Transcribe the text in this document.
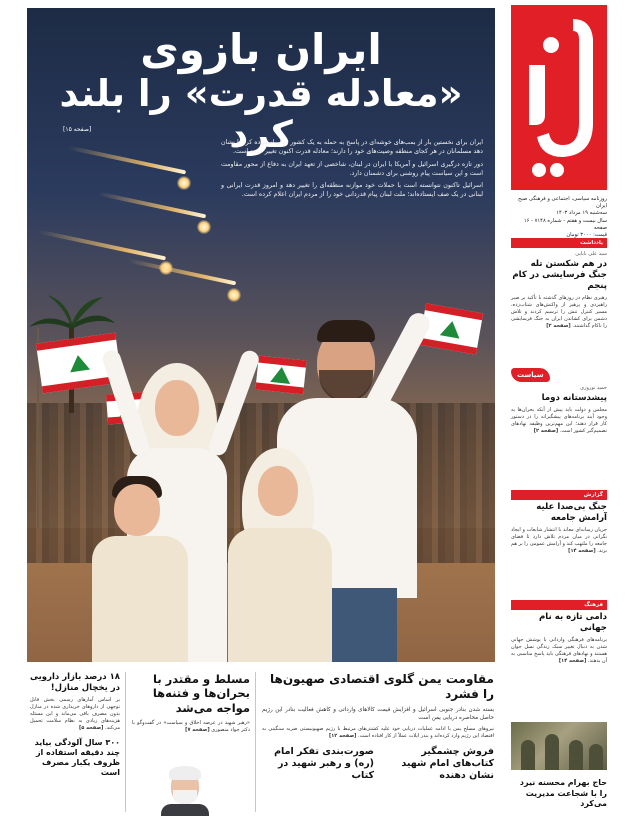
ایران بازوی
«معادله قدرت» را بلند کرد

ایران برای نخستین بار از بمب‌های خوشه‌ای در پاسخ به حمله به یک کشور دیگر استفاده کرد تا نشان دهد مسلمانان در هر کجای منطقه وصیت‌های خود را دارند؛ معادله قدرت اکنون تغییر کرده است.

دور تازه درگیری اسرائیل و آمریکا با ایران در لبنان، شاخصی از تعهد ایران به دفاع از محور مقاومت است و این سیاست پیام روشنی برای دشمنان دارد.

اسرائیل تاکنون نتوانسته است با حملات خود موازنه منطقه‌ای را تغییر دهد و امروز قدرت ایرانی و لبنانی در یک صف ایستاده‌اند؛ ملت لبنان پیام قدردانی خود را از مردم ایران اعلام کرده است.

[صفحه ۱۵]
روزنامه سیاسی، اجتماعی و فرهنگی صبح ایران
سه‌شنبه ۱۹ مرداد ۱۴۰۳
سال بیست و هفتم - شماره ۷۱۴۸ - ۱۶ صفحه
قیمت: ۳۰۰۰ تومان
یادداشت
سید علی بابایی
در هم شکستن تله جنگ فرسایشی در کام پنجم
رهبری نظام در روزهای گذشته با تأکید بر صبر راهبردی و پرهیز از واکنش‌های شتاب‌زده، مسیر کنترل تنش را ترسیم کردند و تلاش دشمن برای کشاندن ایران به جنگ فرسایشی را ناکام گذاشتند. [صفحه ۲]
سیاست
حمید نوروزی
پیشدستانه دوما
مجلس و دولت باید پیش از آنکه بحران‌ها به وجود آیند برنامه‌های پیشگیرانه را در دستور کار قرار دهند؛ این مهم‌ترین وظیفه نهادهای تصمیم‌گیر کشور است. [صفحه ۲]
گزارش
جنگ بی‌صدا علیه آرامش جامعه
جریان رسانه‌ای معاند با انتشار شایعات و ایجاد نگرانی در میان مردم تلاش دارد تا فضای جامعه را ملتهب کند و آرامش عمومی را بر هم بزند. [صفحه ۱۴]
فرهنگ
دامی تازه به نام جهانی
برنامه‌های فرهنگی وارداتی با پوشش جهانی شدن به دنبال تغییر سبک زندگی نسل جوان هستند و نهادهای فرهنگی باید پاسخ مناسبی به آن بدهند. [صفحه ۱۴]
حاج بهرام محسنه نیرد را با شجاعت مدیریت می‌کرد
۱۸ درصد بازار دارویی در یخچال منازل!
بر اساس آمارهای رسمی بخش قابل توجهی از داروهای خریداری شده در منازل بدون مصرف باقی می‌ماند و این مسئله هزینه‌های زیادی به نظام سلامت تحمیل می‌کند. [صفحه ۵]
۳۰۰ سال آلودگی بیاید چند دقیقه استفاده از ظروف یکبار مصرف است
مسلط و مقتدر با بحران‌ها و فتنه‌ها مواجه می‌شد
«رهبر شهید در عرصه اخلاق و سیاست» در گفت‌وگو با دکتر جواد منصوری [صفحه ۷]
مقاومت یمن گلوی اقتصادی صهیون‌ها را فشرد
بسته شدن بنادر جنوبی اسرائیل و افزایش قیمت کالاهای وارداتی و کاهش فعالیت بنادر این رژیم حاصل محاصره دریایی یمن است
نیروهای مسلح یمن با ادامه عملیات دریایی خود علیه کشتی‌های مرتبط با رژیم صهیونیستی ضربه سنگینی به اقتصاد این رژیم وارد کرده‌اند و بندر ایلات عملاً از کار افتاده است. [صفحه ۱۲]
فروش چشمگیر کتاب‌های امام شهید نشان دهنده
صورت‌بندی تفکر امام (ره) و رهبر شهید در کتاب
